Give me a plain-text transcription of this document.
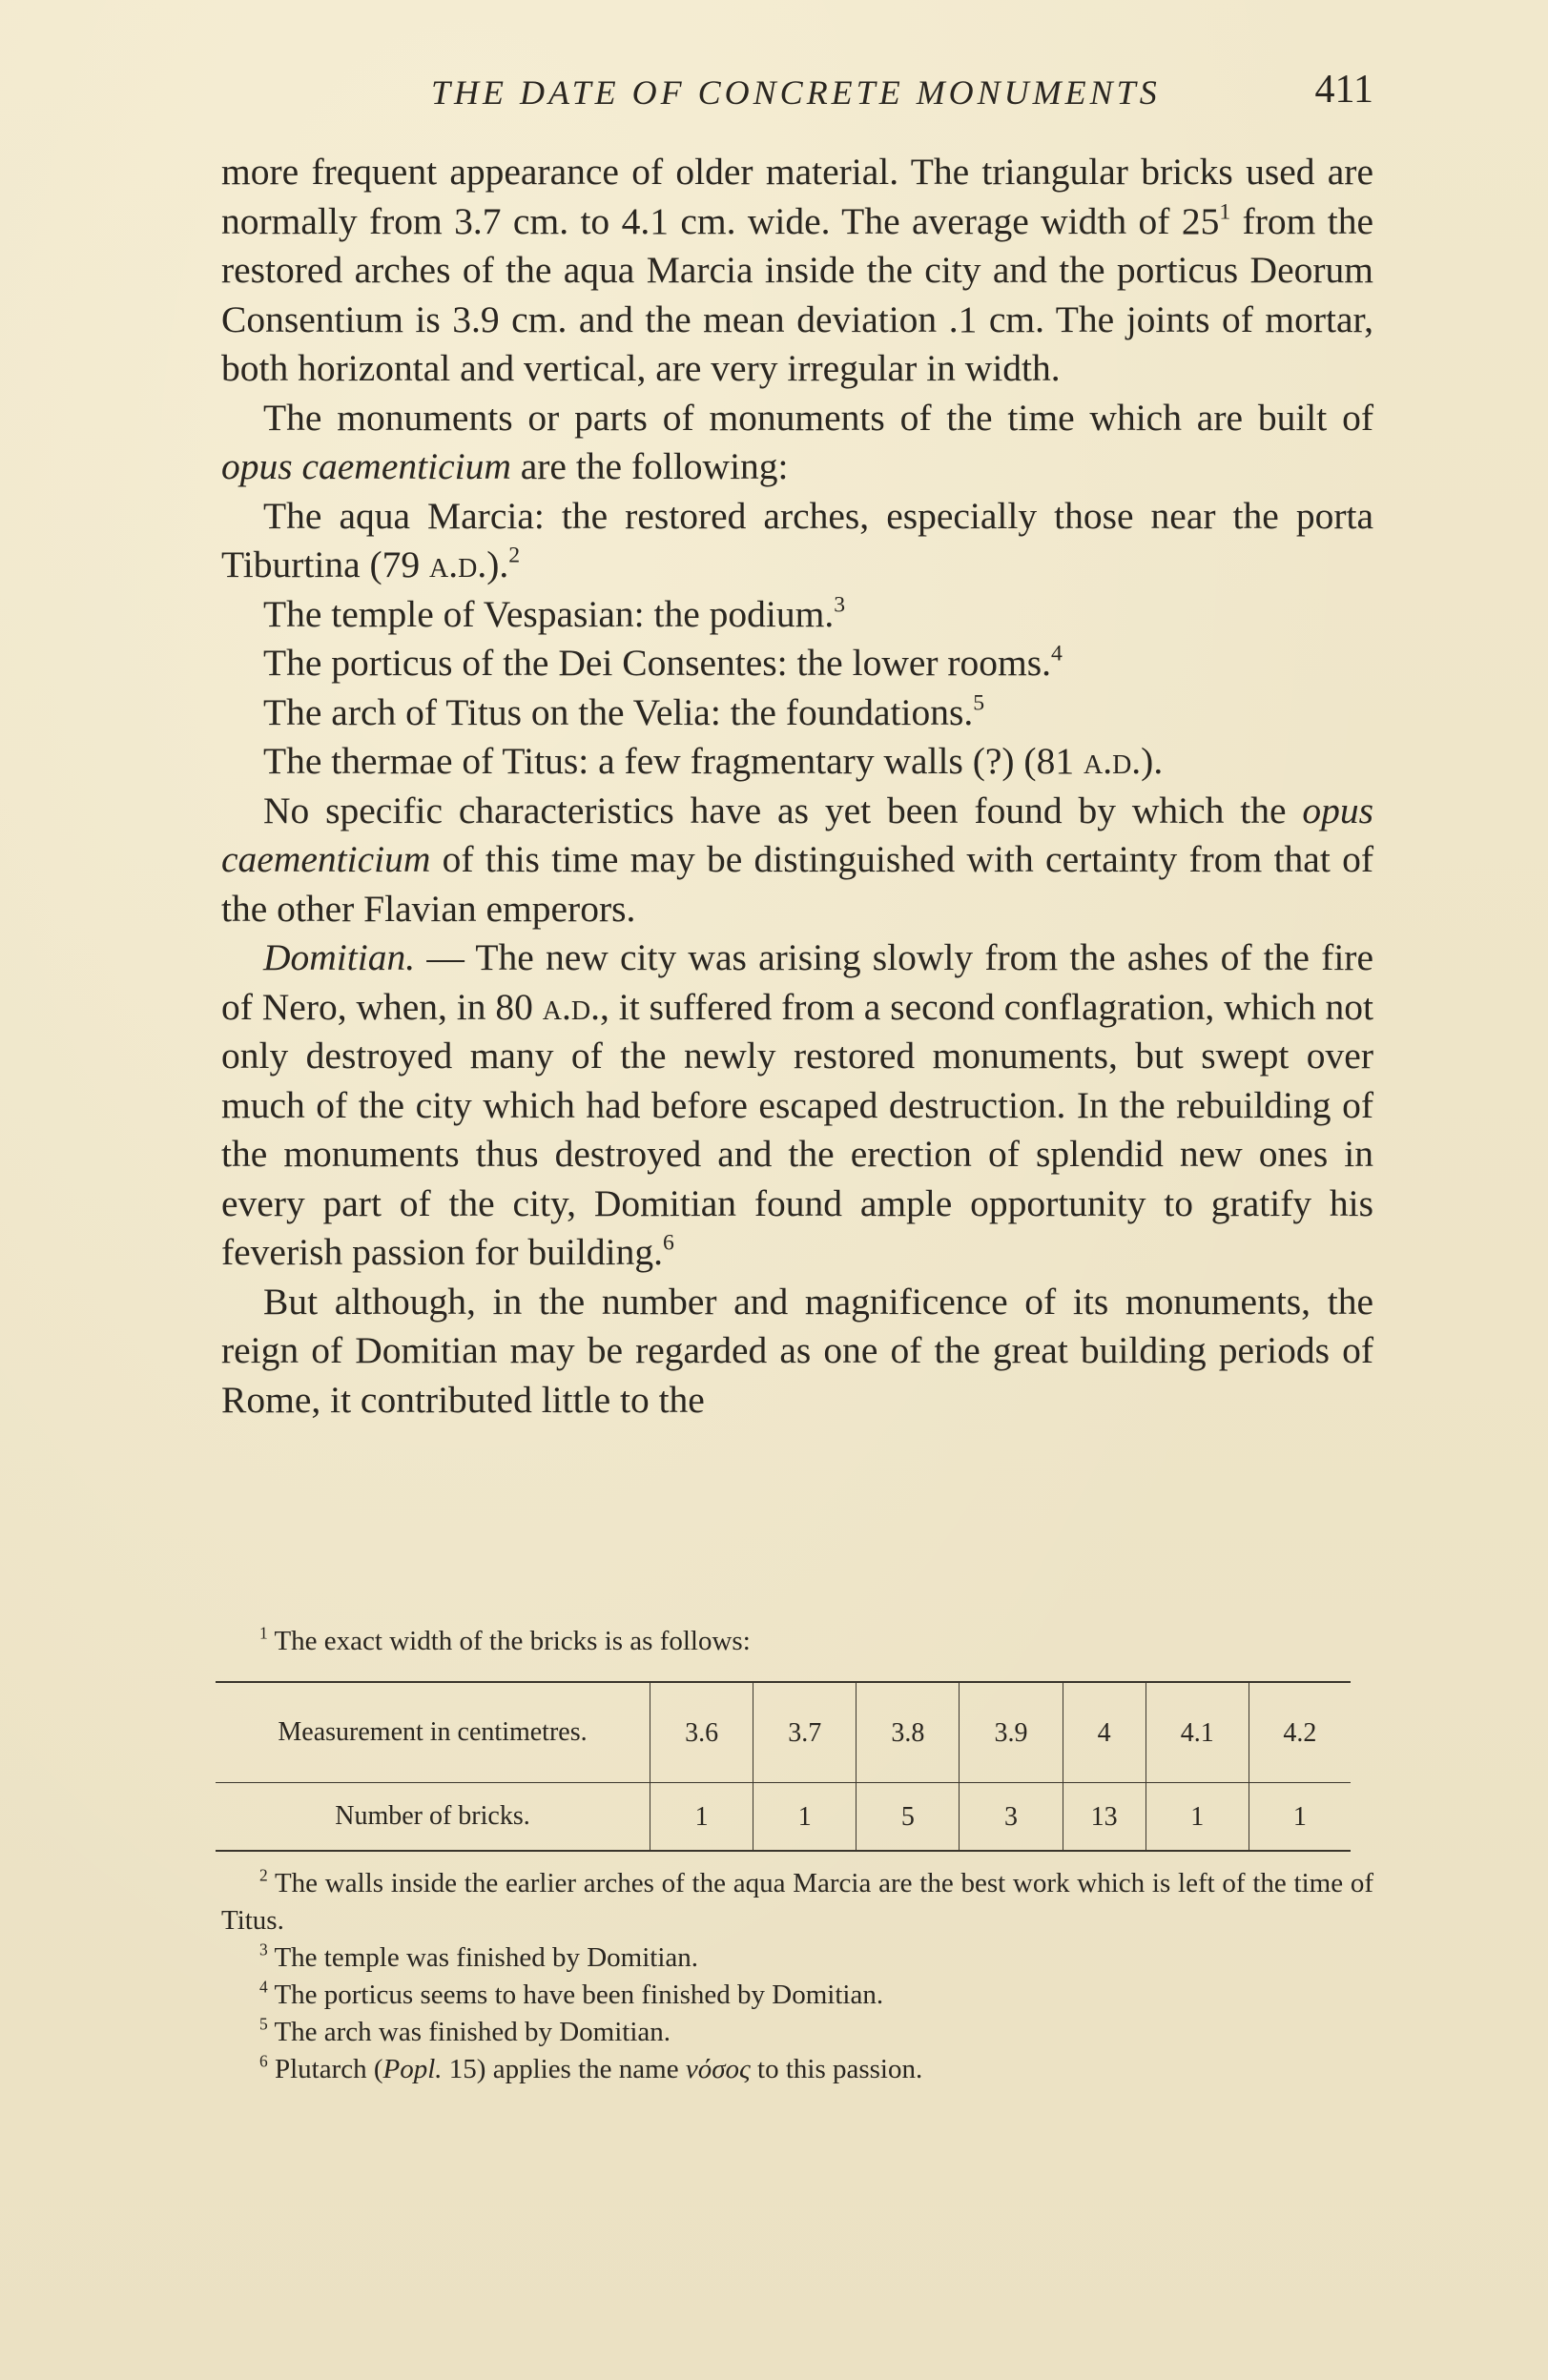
THE DATE OF CONCRETE MONUMENTS	411

more frequent appearance of older material. The triangular bricks used are normally from 3.7 cm. to 4.1 cm. wide. The average width of $25^1$ from the restored arches of the aqua Marcia inside the city and the porticus Deorum Consentium is 3.9 cm. and the mean deviation .1 cm. The joints of mortar, both horizontal and vertical, are very irregular in width.

The monuments or parts of monuments of the time which are built of opus caementicium are the following:

The aqua Marcia: the restored arches, especially those near the porta Tiburtina (79 a.d.).$^2$

The temple of Vespasian: the podium.$^3$

The porticus of the Dei Consentes: the lower rooms.$^4$

The arch of Titus on the Velia: the foundations.$^5$

The thermae of Titus: a few fragmentary walls (?) (81 a.d.).

No specific characteristics have as yet been found by which the opus caementicium of this time may be distinguished with certainty from that of the other Flavian emperors.

Domitian. — The new city was arising slowly from the ashes of the fire of Nero, when, in 80 a.d., it suffered from a second conflagration, which not only destroyed many of the newly restored monuments, but swept over much of the city which had before escaped destruction. In the rebuilding of the monuments thus destroyed and the erection of splendid new ones in every part of the city, Domitian found ample opportunity to gratify his feverish passion for building.$^6$

But although, in the number and magnificence of its monuments, the reign of Domitian may be regarded as one of the great building periods of Rome, it contributed little to the

$^1$ The exact width of the bricks is as follows:

Measurement in centimetres.	3.6	3.7	3.8	3.9	4	4.1	4.2
Number of bricks.	1	1	5	3	13	1	1

$^2$ The walls inside the earlier arches of the aqua Marcia are the best work which is left of the time of Titus.

$^3$ The temple was finished by Domitian.

$^4$ The porticus seems to have been finished by Domitian.

$^5$ The arch was finished by Domitian.

$^6$ Plutarch (Popl. 15) applies the name νόσος to this passion.
